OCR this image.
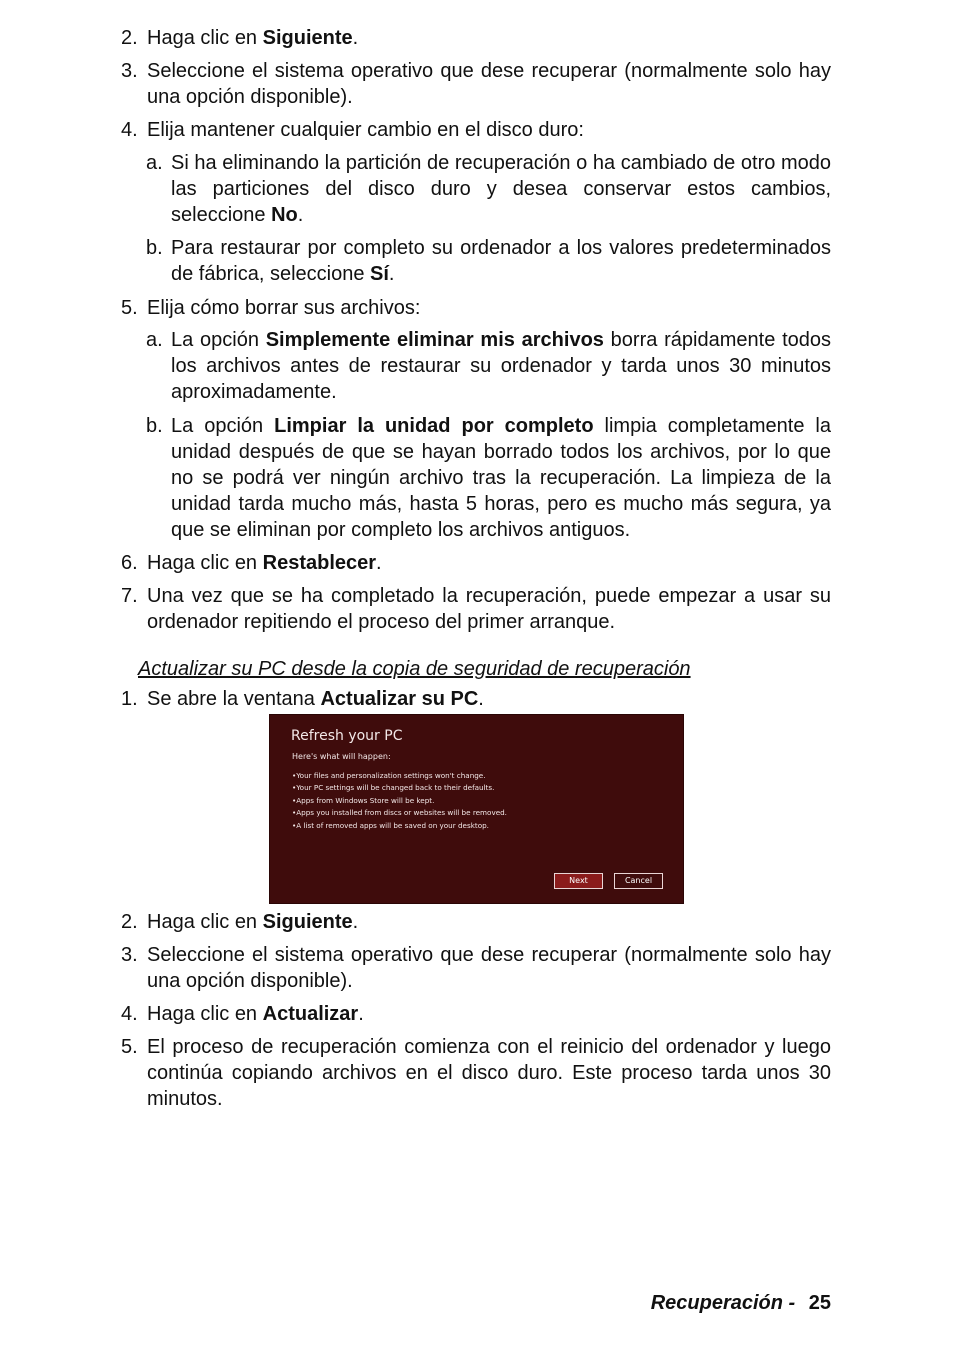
2. Haga clic en Siguiente.
3. Seleccione el sistema operativo que dese recuperar (normalmente solo hay una opción disponible).
4. Elija mantener cualquier cambio en el disco duro:
a. Si ha eliminando la partición de recuperación o ha cambiado de otro modo las particiones del disco duro y desea conservar estos cambios, seleccione No.
b. Para restaurar por completo su ordenador a los valores predeterminados de fábrica, seleccione Sí.
5. Elija cómo borrar sus archivos:
a. La opción Simplemente eliminar mis archivos borra rápidamente todos los archivos antes de restaurar su ordenador y tarda unos 30 minutos aproximadamente.
b. La opción Limpiar la unidad por completo limpia completamente la unidad después de que se hayan borrado todos los archivos, por lo que no se podrá ver ningún archivo tras la recuperación. La limpieza de la unidad tarda mucho más, hasta 5 horas, pero es mucho más segura, ya que se eliminan por completo los archivos antiguos.
6. Haga clic en Restablecer.
7. Una vez que se ha completado la recuperación, puede empezar a usar su ordenador repitiendo el proceso del primer arranque.
Actualizar su PC desde la copia de seguridad de recuperación
1. Se abre la ventana Actualizar su PC.
Refresh your PC
Here's what will happen:
• Your files and personalization settings won't change.
• Your PC settings will be changed back to their defaults.
• Apps from Windows Store will be kept.
• Apps you installed from discs or websites will be removed.
• A list of removed apps will be saved on your desktop.
Next	Cancel
2. Haga clic en Siguiente.
3. Seleccione el sistema operativo que dese recuperar (normalmente solo hay una opción disponible).
4. Haga clic en Actualizar.
5. El proceso de recuperación comienza con el reinicio del ordenador y luego continúa copiando archivos en el disco duro. Este proceso tarda unos 30 minutos.
Recuperación - 25
